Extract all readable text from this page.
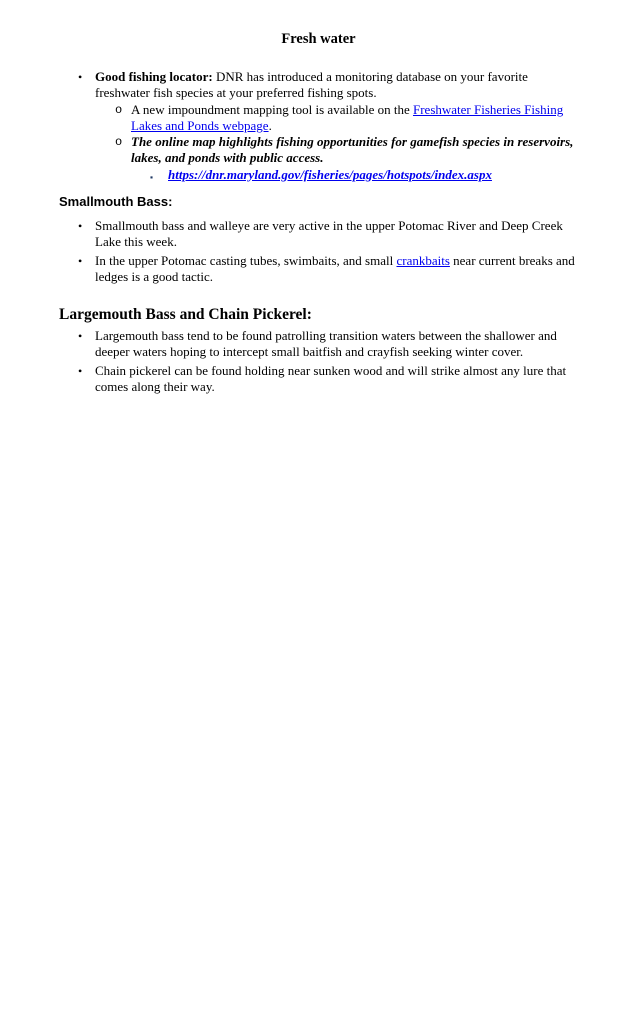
Fresh water
• Good fishing locator: DNR has introduced a monitoring database on your favorite freshwater fish species at your preferred fishing spots.
o A new impoundment mapping tool is available on the Freshwater Fisheries Fishing Lakes and Ponds webpage.
o The online map highlights fishing opportunities for gamefish species in reservoirs, lakes, and ponds with public access.
▪ https://dnr.maryland.gov/fisheries/pages/hotspots/index.aspx
Smallmouth Bass:
• Smallmouth bass and walleye are very active in the upper Potomac River and Deep Creek Lake this week.
• In the upper Potomac casting tubes, swimbaits, and small crankbaits near current breaks and ledges is a good tactic.
Largemouth Bass and Chain Pickerel:
• Largemouth bass tend to be found patrolling transition waters between the shallower and deeper waters hoping to intercept small baitfish and crayfish seeking winter cover.
• Chain pickerel can be found holding near sunken wood and will strike almost any lure that comes along their way.
